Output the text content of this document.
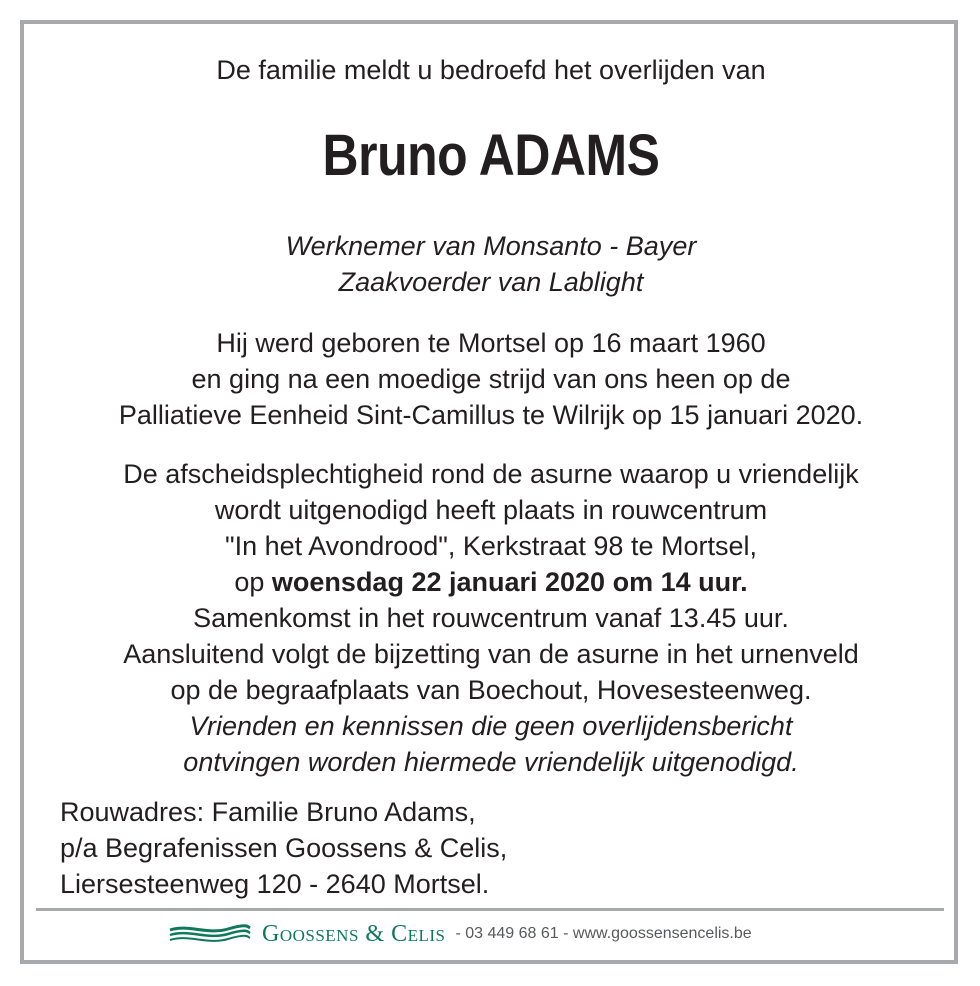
De familie meldt u bedroefd het overlijden van
Bruno ADAMS
Werknemer van Monsanto - Bayer
Zaakvoerder van Lablight
Hij werd geboren te Mortsel op 16 maart 1960
en ging na een moedige strijd van ons heen op de
Palliatieve Eenheid Sint-Camillus te Wilrijk op 15 januari 2020.
De afscheidsplechtigheid rond de asurne waarop u vriendelijk
wordt uitgenodigd heeft plaats in rouwcentrum
"In het Avondrood", Kerkstraat 98 te Mortsel,
op woensdag 22 januari 2020 om 14 uur.
Samenkomst in het rouwcentrum vanaf 13.45 uur.
Aansluitend volgt de bijzetting van de asurne in het urnenveld
op de begraafplaats van Boechout, Hovesesteenweg.
Vrienden en kennissen die geen overlijdensbericht
ontvingen worden hiermede vriendelijk uitgenodigd.
Rouwadres: Familie Bruno Adams,
p/a Begrafenissen Goossens & Celis,
Liersesteenweg 120 - 2640 Mortsel.
Goossens & Celis - 03 449 68 61 - www.goossensencelis.be
